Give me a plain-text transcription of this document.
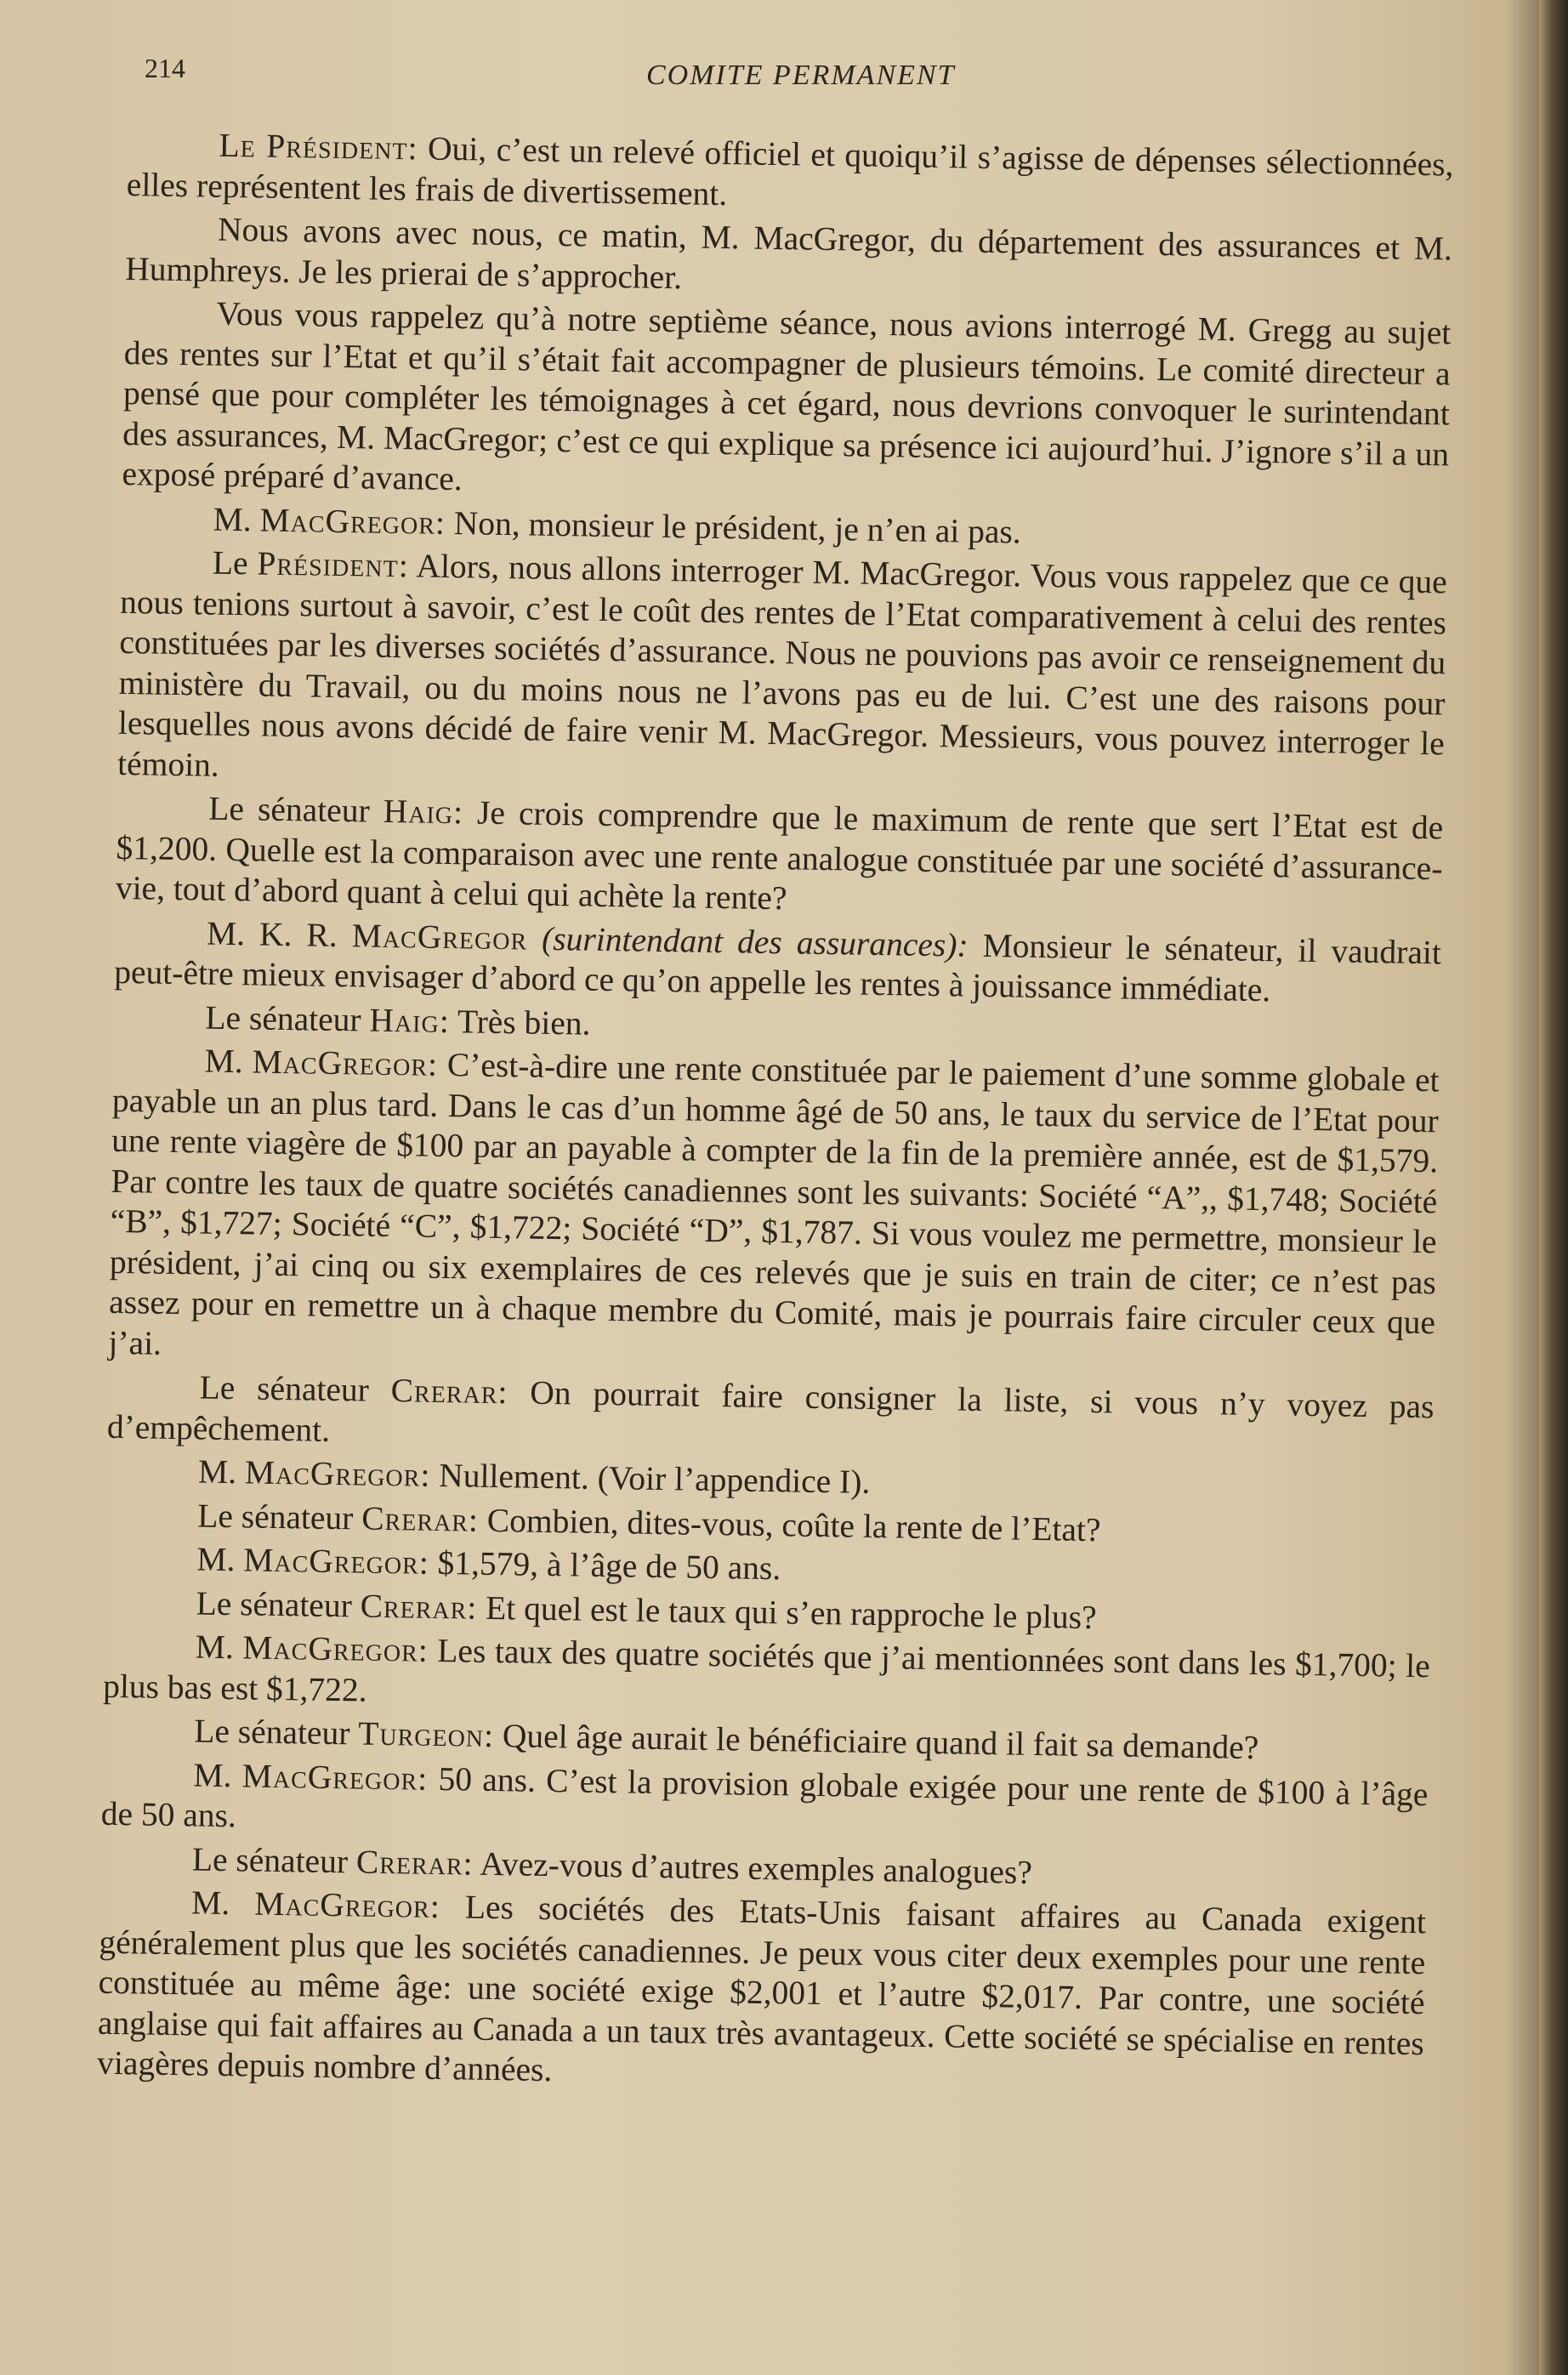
214	COMITE PERMANENT

Le Président: Oui, c’est un relevé officiel et quoiqu’il s’agisse de dépenses sélectionnées, elles représentent les frais de divertissement.

Nous avons avec nous, ce matin, M. MacGregor, du département des assurances et M. Humphreys. Je les prierai de s’approcher.

Vous vous rappelez qu’à notre septième séance, nous avions interrogé M. Gregg au sujet des rentes sur l’Etat et qu’il s’était fait accompagner de plusieurs témoins. Le comité directeur a pensé que pour compléter les témoignages à cet égard, nous devrions convoquer le surintendant des assurances, M. MacGregor; c’est ce qui explique sa présence ici aujourd’hui. J’ignore s’il a un exposé préparé d’avance.

M. MacGregor: Non, monsieur le président, je n’en ai pas.

Le Président: Alors, nous allons interroger M. MacGregor. Vous vous rappelez que ce que nous tenions surtout à savoir, c’est le coût des rentes de l’Etat comparativement à celui des rentes constituées par les diverses sociétés d’assurance. Nous ne pouvions pas avoir ce renseignement du ministère du Travail, ou du moins nous ne l’avons pas eu de lui. C’est une des raisons pour lesquelles nous avons décidé de faire venir M. MacGregor. Messieurs, vous pouvez interroger le témoin.

Le sénateur Haig: Je crois comprendre que le maximum de rente que sert l’Etat est de $1,200. Quelle est la comparaison avec une rente analogue constituée par une société d’assurance-vie, tout d’abord quant à celui qui achète la rente?

M. K. R. MacGregor (surintendant des assurances): Monsieur le sénateur, il vaudrait peut-être mieux envisager d’abord ce qu’on appelle les rentes à jouissance immédiate.

Le sénateur Haig: Très bien.

M. MacGregor: C’est-à-dire une rente constituée par le paiement d’une somme globale et payable un an plus tard. Dans le cas d’un homme âgé de 50 ans, le taux du service de l’Etat pour une rente viagère de $100 par an payable à compter de la fin de la première année, est de $1,579. Par contre les taux de quatre sociétés canadiennes sont les suivants: Société “A”,, $1,748; Société “B”, $1,727; Société “C”, $1,722; Société “D”, $1,787. Si vous voulez me permettre, monsieur le président, j’ai cinq ou six exemplaires de ces relevés que je suis en train de citer; ce n’est pas assez pour en remettre un à chaque membre du Comité, mais je pourrais faire circuler ceux que j’ai.

Le sénateur Crerar: On pourrait faire consigner la liste, si vous n’y voyez pas d’empêchement.

M. MacGregor: Nullement. (Voir l’appendice I).

Le sénateur Crerar: Combien, dites-vous, coûte la rente de l’Etat?

M. MacGregor: $1,579, à l’âge de 50 ans.

Le sénateur Crerar: Et quel est le taux qui s’en rapproche le plus?

M. MacGregor: Les taux des quatre sociétés que j’ai mentionnées sont dans les $1,700; le plus bas est $1,722.

Le sénateur Turgeon: Quel âge aurait le bénéficiaire quand il fait sa demande?

M. MacGregor: 50 ans. C’est la provision globale exigée pour une rente de $100 à l’âge de 50 ans.

Le sénateur Crerar: Avez-vous d’autres exemples analogues?

M. MacGregor: Les sociétés des Etats-Unis faisant affaires au Canada exigent généralement plus que les sociétés canadiennes. Je peux vous citer deux exemples pour une rente constituée au même âge: une société exige $2,001 et l’autre $2,017. Par contre, une société anglaise qui fait affaires au Canada a un taux très avantageux. Cette société se spécialise en rentes viagères depuis nombre d’années.
